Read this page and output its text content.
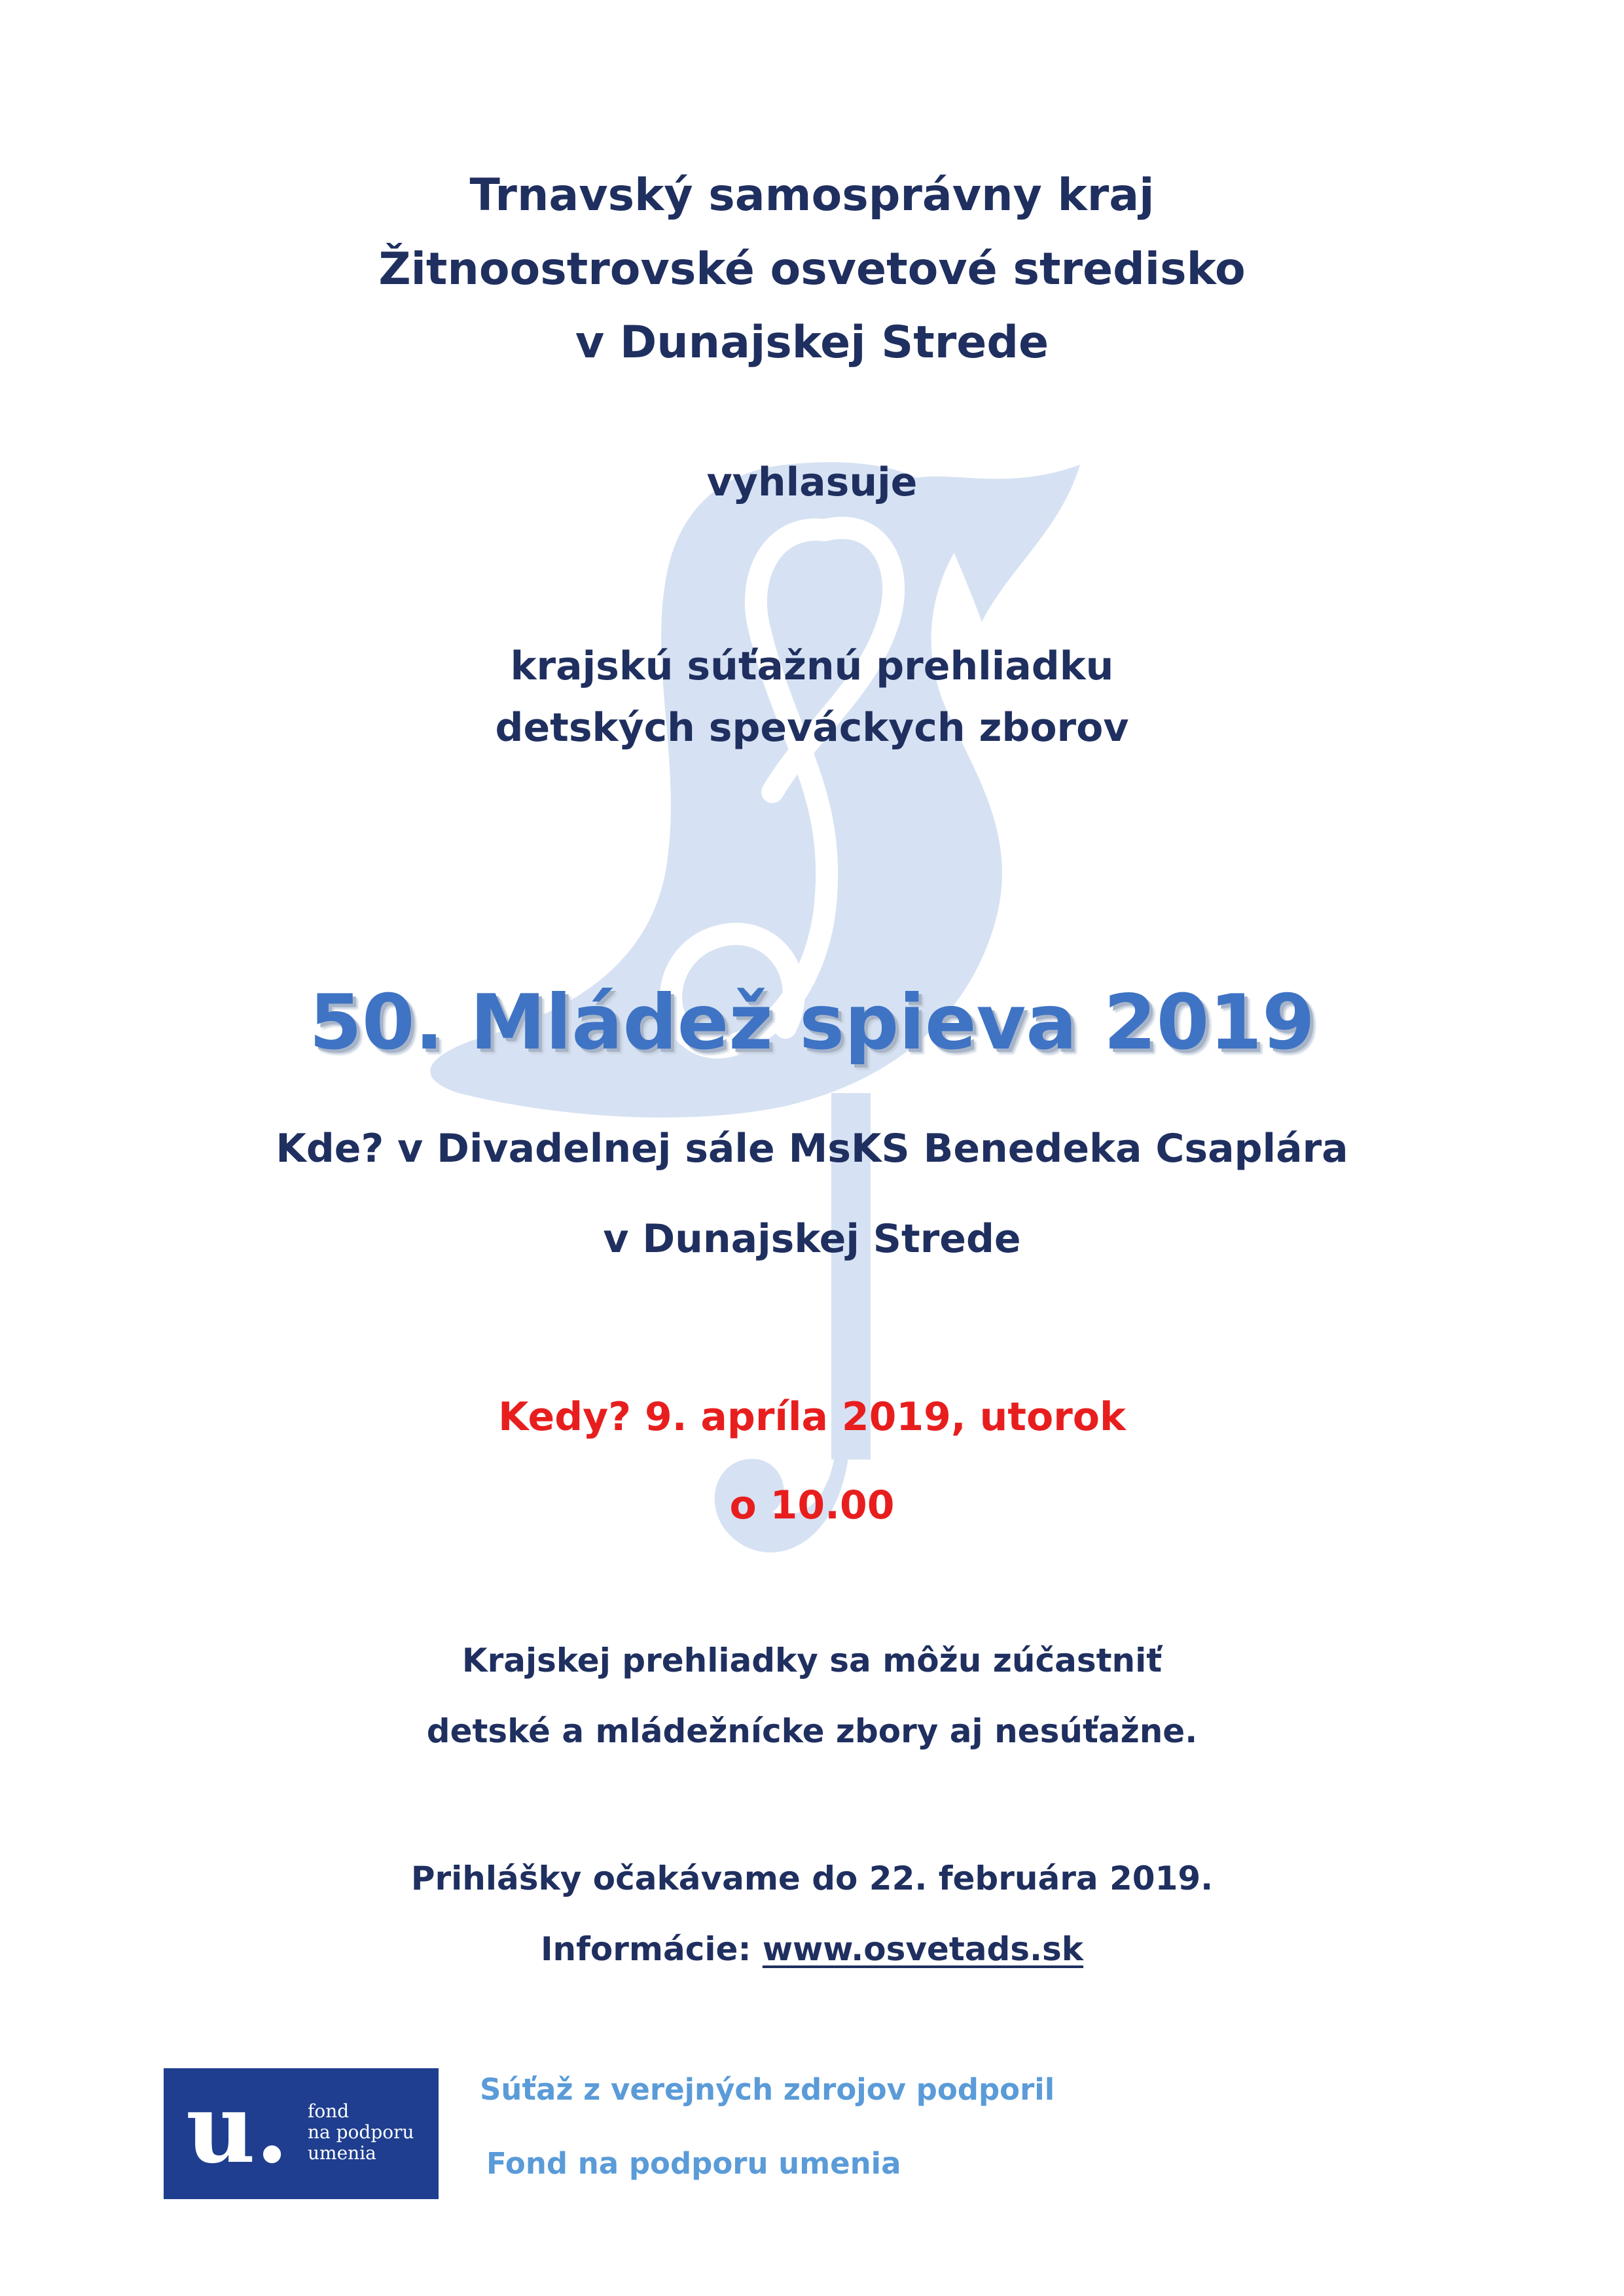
Trnavský samosprávny kraj
Žitnoostrovské osvetové stredisko
v Dunajskej Strede
vyhlasuje
krajskú súťažnú prehliadku
detských speváckych zborov
50. Mládež spieva 2019
Kde? v Divadelnej sále MsKS Benedeka Csaplára
v Dunajskej Strede
Kedy? 9. apríla 2019, utorok
o 10.00
Krajskej prehliadky sa môžu zúčastniť
detské a mládežnícke zbory aj nesúťažne.
Prihlášky očakávame do 22. februára 2019.
Informácie: www.osvetads.sk
u. fond
na podporu
umenia
Súťaž z verejných zdrojov podporil
Fond na podporu umenia
